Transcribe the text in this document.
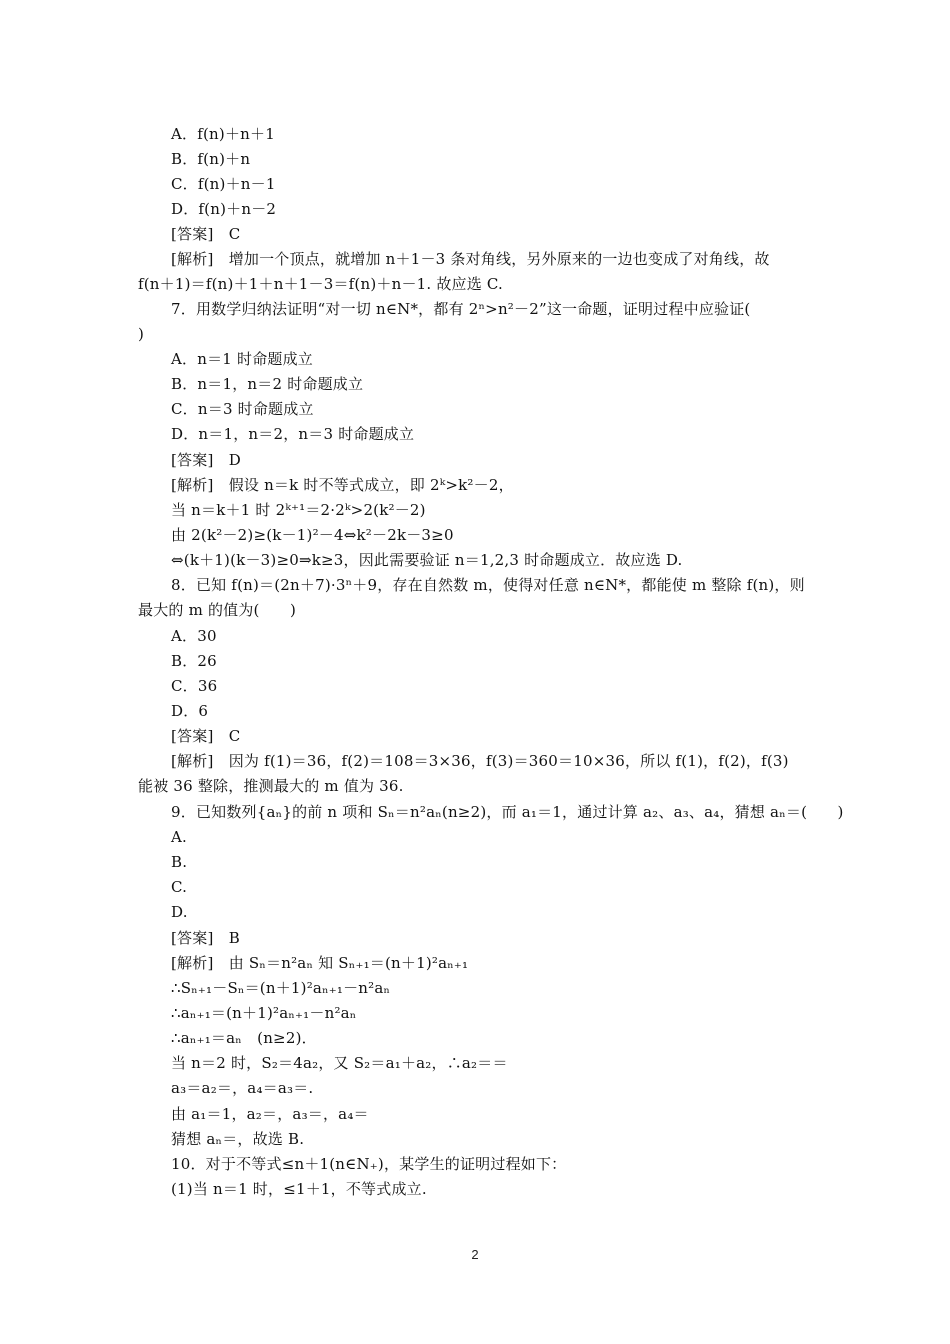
A．f(n)＋n＋1
B．f(n)＋n
C．f(n)＋n－1
D．f(n)＋n－2
[答案]　C
[解析]　增加一个顶点，就增加 n＋1－3 条对角线，另外原来的一边也变成了对角线，故
f(n＋1)＝f(n)＋1＋n＋1－3＝f(n)＋n－1. 故应选 C.
7．用数学归纳法证明“对一切 n∈N*，都有 2ⁿ>n²－2”这一命题，证明过程中应验证(
)
A．n＝1 时命题成立
B．n＝1，n＝2 时命题成立
C．n＝3 时命题成立
D．n＝1，n＝2，n＝3 时命题成立
[答案]　D
[解析]　假设 n＝k 时不等式成立，即 2ᵏ>k²－2，
当 n＝k＋1 时 2ᵏ⁺¹＝2·2ᵏ>2(k²－2)
由 2(k²－2)≥(k－1)²－4⇔k²－2k－3≥0
⇔(k＋1)(k－3)≥0⇒k≥3，因此需要验证 n＝1,2,3 时命题成立．故应选 D.
8．已知 f(n)＝(2n＋7)·3ⁿ＋9，存在自然数 m，使得对任意 n∈N*，都能使 m 整除 f(n)，则
最大的 m 的值为(　　)
A．30
B．26
C．36
D．6
[答案]　C
[解析]　因为 f(1)＝36，f(2)＝108＝3×36，f(3)＝360＝10×36，所以 f(1)，f(2)，f(3)
能被 36 整除，推测最大的 m 值为 36.
9．已知数列{aₙ}的前 n 项和 Sₙ＝n²aₙ(n≥2)，而 a₁＝1，通过计算 a₂、a₃、a₄，猜想 aₙ＝(　　)
A.
B.
C.
D.
[答案]　B
[解析]　由 Sₙ＝n²aₙ 知 Sₙ₊₁＝(n＋1)²aₙ₊₁
∴Sₙ₊₁－Sₙ＝(n＋1)²aₙ₊₁－n²aₙ
∴aₙ₊₁＝(n＋1)²aₙ₊₁－n²aₙ
∴aₙ₊₁＝aₙ　(n≥2)．
当 n＝2 时，S₂＝4a₂，又 S₂＝a₁＋a₂，∴a₂＝＝
a₃＝a₂＝，a₄＝a₃＝.
由 a₁＝1，a₂＝，a₃＝，a₄＝
猜想 aₙ＝，故选 B.
10．对于不等式≤n＋1(n∈N₊)，某学生的证明过程如下：
(1)当 n＝1 时，≤1＋1，不等式成立.
2
